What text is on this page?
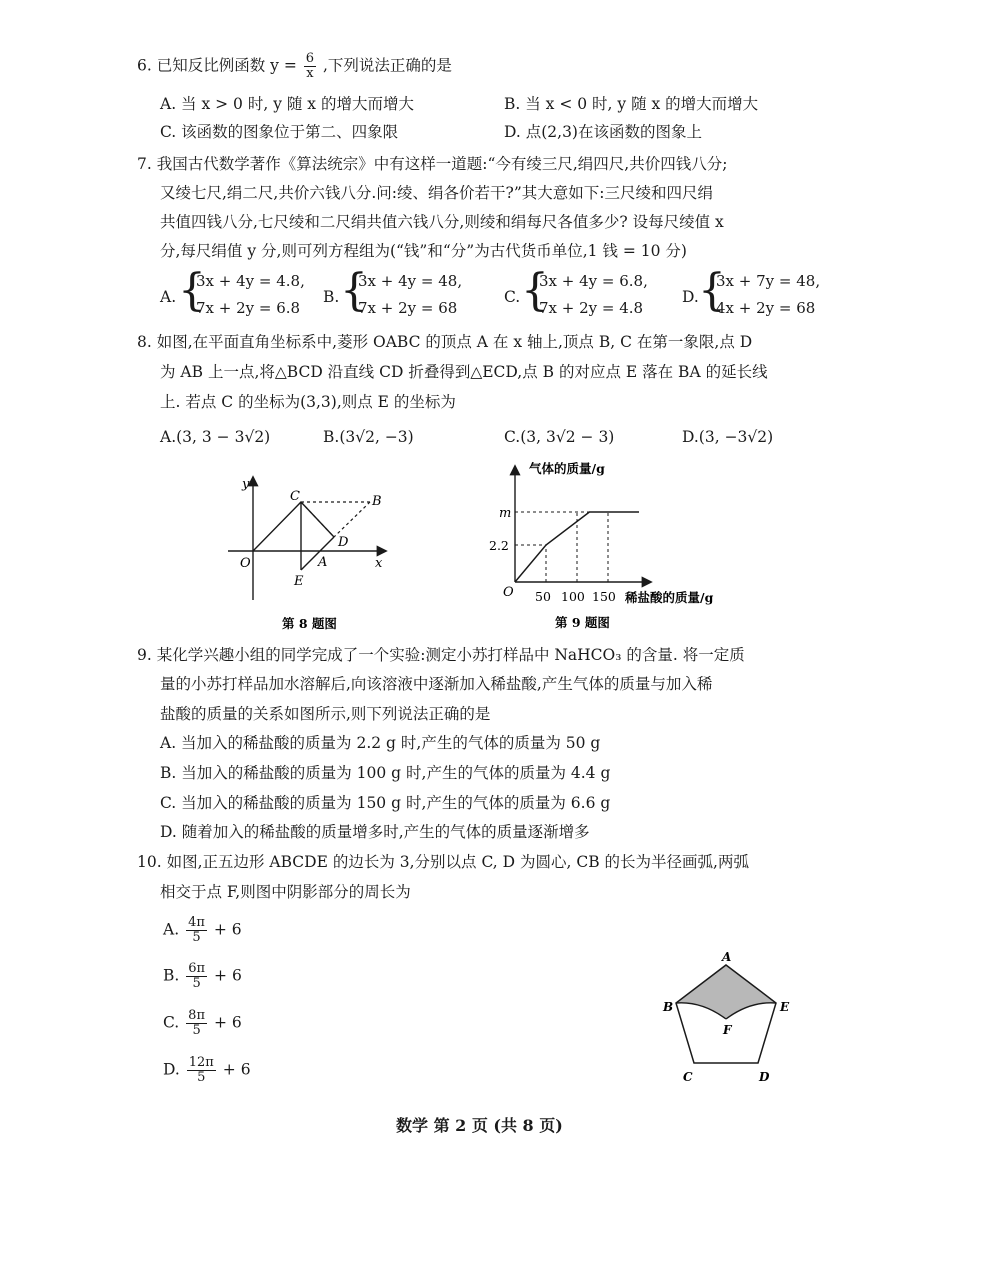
6. 已知反比例函数 $y = \frac{6}{x}$ ,下列说法正确的是
A. 当 x > 0 时, y 随 x 的增大而增大	B. 当 x < 0 时, y 随 x 的增大而增大
C. 该函数的图象位于第二、四象限	D. 点(2,3)在该函数的图象上
7. 我国古代数学著作《算法统宗》中有这样一道题:“今有绫三尺,绢四尺,共价四钱八分;
又绫七尺,绢二尺,共价六钱八分.问:绫、绢各价若干?”其大意如下:三尺绫和四尺绢
共值四钱八分,七尺绫和二尺绢共值六钱八分,则绫和绢每尺各值多少? 设每尺绫值 x
分,每尺绢值 y 分,则可列方程组为(“钱”和“分”为古代货币单位,1 钱 = 10 分)
A. {
3x + 4y = 4.8,
7x + 2y = 6.8
B. {
3x + 4y = 48,
7x + 2y = 68
C. {
3x + 4y = 6.8,
7x + 2y = 4.8
D. {
3x + 7y = 48,
4x + 2y = 68
8. 如图,在平面直角坐标系中,菱形 OABC 的顶点 A 在 x 轴上,顶点 B, C 在第一象限,点 D
为 AB 上一点,将△BCD 沿直线 CD 折叠得到△ECD,点 B 的对应点 E 落在 BA 的延长线
上. 若点 C 的坐标为(3,3),则点 E 的坐标为
A.(3, 3 − 3√2)	B.(3√2, −3)	C.(3, 3√2 − 3)	D.(3, −3√2)
y
x
O
C	B
D
A
E
第 8 题图
气体的质量/g
m
2.2
O 50 100 150 稀盐酸的质量/g
第 9 题图
9. 某化学兴趣小组的同学完成了一个实验:测定小苏打样品中 NaHCO₃ 的含量. 将一定质
量的小苏打样品加水溶解后,向该溶液中逐渐加入稀盐酸,产生气体的质量与加入稀
盐酸的质量的关系如图所示,则下列说法正确的是
A. 当加入的稀盐酸的质量为 2.2 g 时,产生的气体的质量为 50 g
B. 当加入的稀盐酸的质量为 100 g 时,产生的气体的质量为 4.4 g
C. 当加入的稀盐酸的质量为 150 g 时,产生的气体的质量为 6.6 g
D. 随着加入的稀盐酸的质量增多时,产生的气体的质量逐渐增多
10. 如图,正五边形 ABCDE 的边长为 3,分别以点 C, D 为圆心, CB 的长为半径画弧,两弧
相交于点 F,则图中阴影部分的周长为
A. $\frac{4\pi}{5} + 6$
B. $\frac{6\pi}{5} + 6$
C. $\frac{8\pi}{5} + 6$
D. $\frac{12\pi}{5} + 6$
A
B	E
F
C	D
数学 第 2 页 (共 8 页)
